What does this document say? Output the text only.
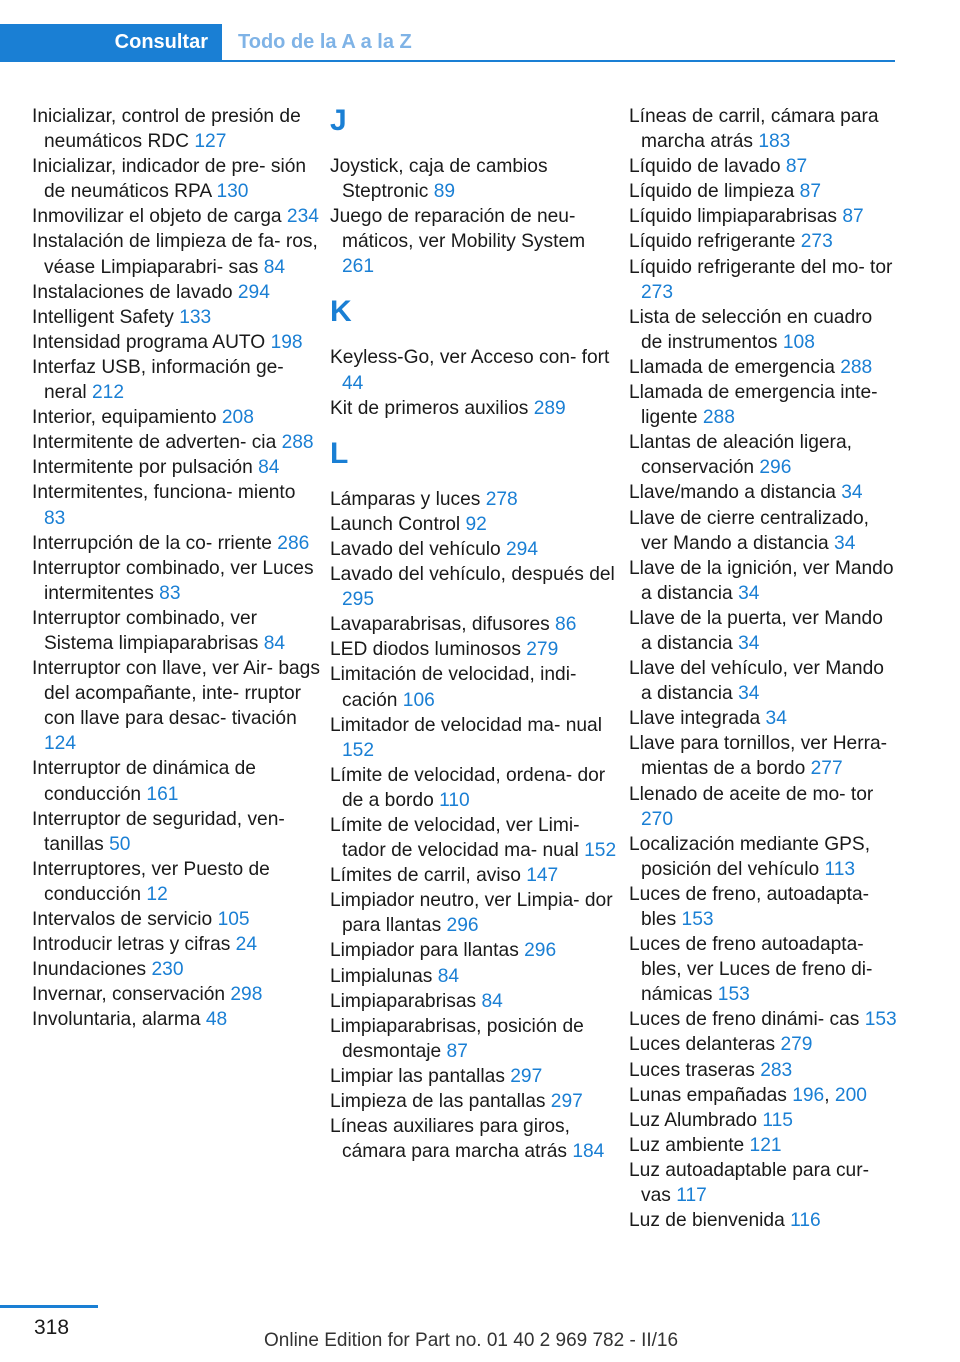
Consultar	Todo de la A a la Z
Inicializar, control de presión de neumáticos RDC 127
Inicializar, indicador de pre‐ sión de neumáticos RPA 130
Inmovilizar el objeto de carga 234
Instalación de limpieza de fa‐ ros, véase Limpiaparabri‐ sas 84
Instalaciones de lavado 294
Intelligent Safety 133
Intensidad programa AUTO 198
Interfaz USB, información ge‐ neral 212
Interior, equipamiento 208
Intermitente de adverten‐ cia 288
Intermitente por pulsación 84
Intermitentes, funciona‐ miento 83
Interrupción de la co‐ rriente 286
Interruptor combinado, ver Luces intermitentes 83
Interruptor combinado, ver Sistema limpiaparabrisas 84
Interruptor con llave, ver Air‐ bags del acompañante, inte‐ rruptor con llave para desac‐ tivación 124
Interruptor de dinámica de conducción 161
Interruptor de seguridad, ven‐ tanillas 50
Interruptores, ver Puesto de conducción 12
Intervalos de servicio 105
Introducir letras y cifras 24
Inundaciones 230
Invernar, conservación 298
Involuntaria, alarma 48
J
Joystick, caja de cambios Steptronic 89
Juego de reparación de neu‐ máticos, ver Mobility System 261
K
Keyless-Go, ver Acceso con‐ fort 44
Kit de primeros auxilios 289
L
Lámparas y luces 278
Launch Control 92
Lavado del vehículo 294
Lavado del vehículo, después del 295
Lavaparabrisas, difusores 86
LED diodos luminosos 279
Limitación de velocidad, indi‐ cación 106
Limitador de velocidad ma‐ nual 152
Límite de velocidad, ordena‐ dor de a bordo 110
Límite de velocidad, ver Limi‐ tador de velocidad ma‐ nual 152
Límites de carril, aviso 147
Limpiador neutro, ver Limpia‐ dor para llantas 296
Limpiador para llantas 296
Limpialunas 84
Limpiaparabrisas 84
Limpiaparabrisas, posición de desmontaje 87
Limpiar las pantallas 297
Limpieza de las pantallas 297
Líneas auxiliares para giros, cámara para marcha atrás 184
Líneas de carril, cámara para marcha atrás 183
Líquido de lavado 87
Líquido de limpieza 87
Líquido limpiaparabrisas 87
Líquido refrigerante 273
Líquido refrigerante del mo‐ tor 273
Lista de selección en cuadro de instrumentos 108
Llamada de emergencia 288
Llamada de emergencia inte‐ ligente 288
Llantas de aleación ligera, conservación 296
Llave/mando a distancia 34
Llave de cierre centralizado, ver Mando a distancia 34
Llave de la ignición, ver Mando a distancia 34
Llave de la puerta, ver Mando a distancia 34
Llave del vehículo, ver Mando a distancia 34
Llave integrada 34
Llave para tornillos, ver Herra‐ mientas de a bordo 277
Llenado de aceite de mo‐ tor 270
Localización mediante GPS, posición del vehículo 113
Luces de freno, autoadapta‐ bles 153
Luces de freno autoadapta‐ bles, ver Luces de freno di‐ námicas 153
Luces de freno dinámi‐ cas 153
Luces delanteras 279
Luces traseras 283
Lunas empañadas 196, 200
Luz Alumbrado 115
Luz ambiente 121
Luz autoadaptable para cur‐ vas 117
Luz de bienvenida 116
318
Online Edition for Part no. 01 40 2 969 782 - II/16
